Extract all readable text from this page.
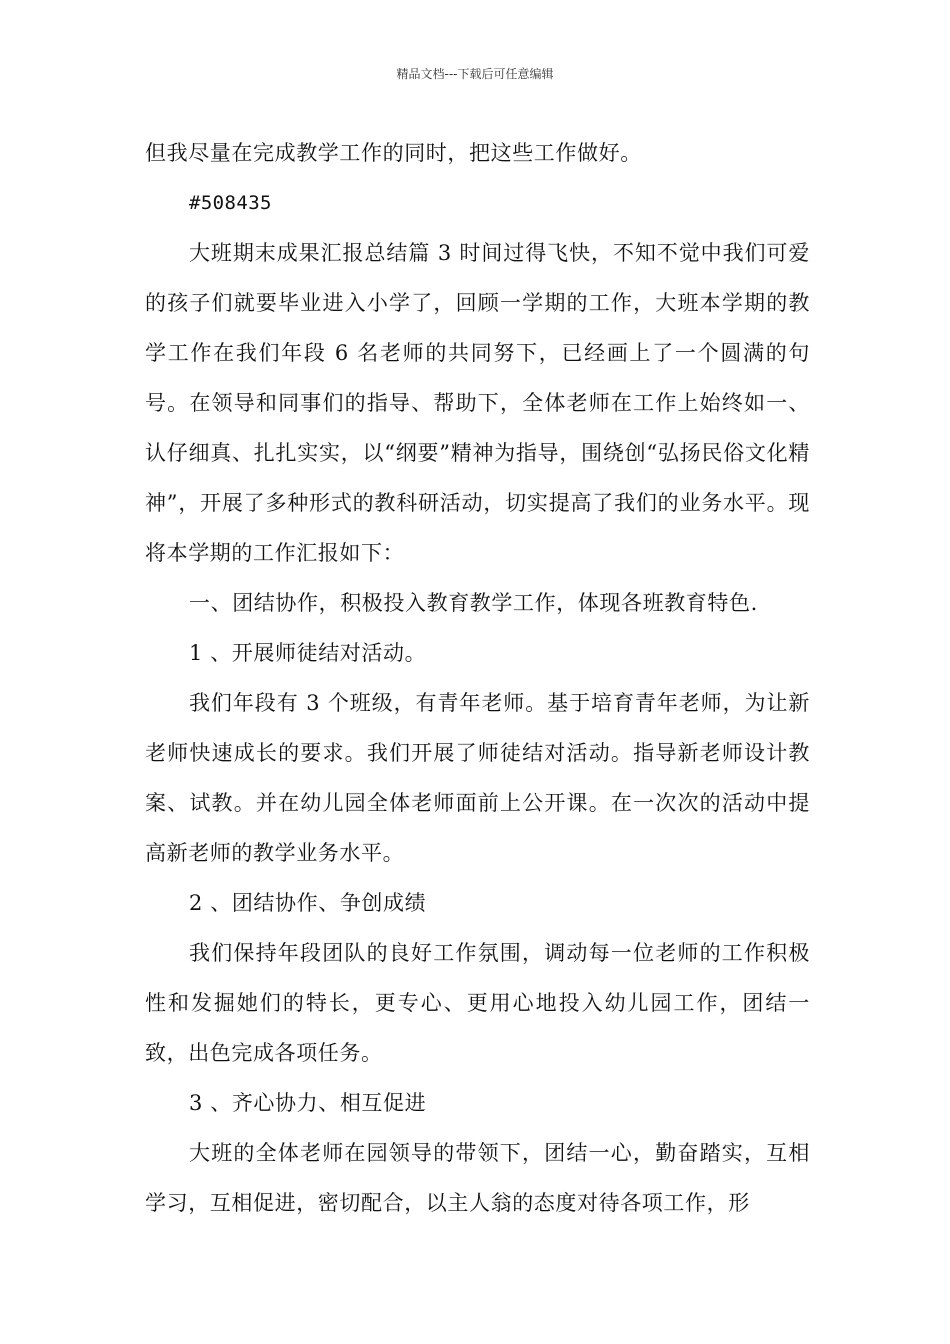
精品文档---下载后可任意编辑

但我尽量在完成教学工作的同时，把这些工作做好。

#508435

大班期末成果汇报总结篇 3 时间过得飞快，不知不觉中我们可爱的孩子们就要毕业进入小学了，回顾一学期的工作，大班本学期的教学工作在我们年段 6 名老师的共同努下，已经画上了一个圆满的句号。在领导和同事们的指导、帮助下，全体老师在工作上始终如一、认仔细真、扎扎实实，以“纲要”精神为指导，围绕创“弘扬民俗文化精神”，开展了多种形式的教科研活动，切实提高了我们的业务水平。现将本学期的工作汇报如下：

一、团结协作，积极投入教育教学工作，体现各班教育特色.

1 、开展师徒结对活动。

我们年段有 3 个班级，有青年老师。基于培育青年老师，为让新老师快速成长的要求。我们开展了师徒结对活动。指导新老师设计教案、试教。并在幼儿园全体老师面前上公开课。在一次次的活动中提高新老师的教学业务水平。

2 、团结协作、争创成绩

我们保持年段团队的良好工作氛围，调动每一位老师的工作积极性和发掘她们的特长，更专心、更用心地投入幼儿园工作，团结一致，出色完成各项任务。

3 、齐心协力、相互促进

大班的全体老师在园领导的带领下，团结一心，勤奋踏实，互相学习，互相促进，密切配合，以主人翁的态度对待各项工作，形
